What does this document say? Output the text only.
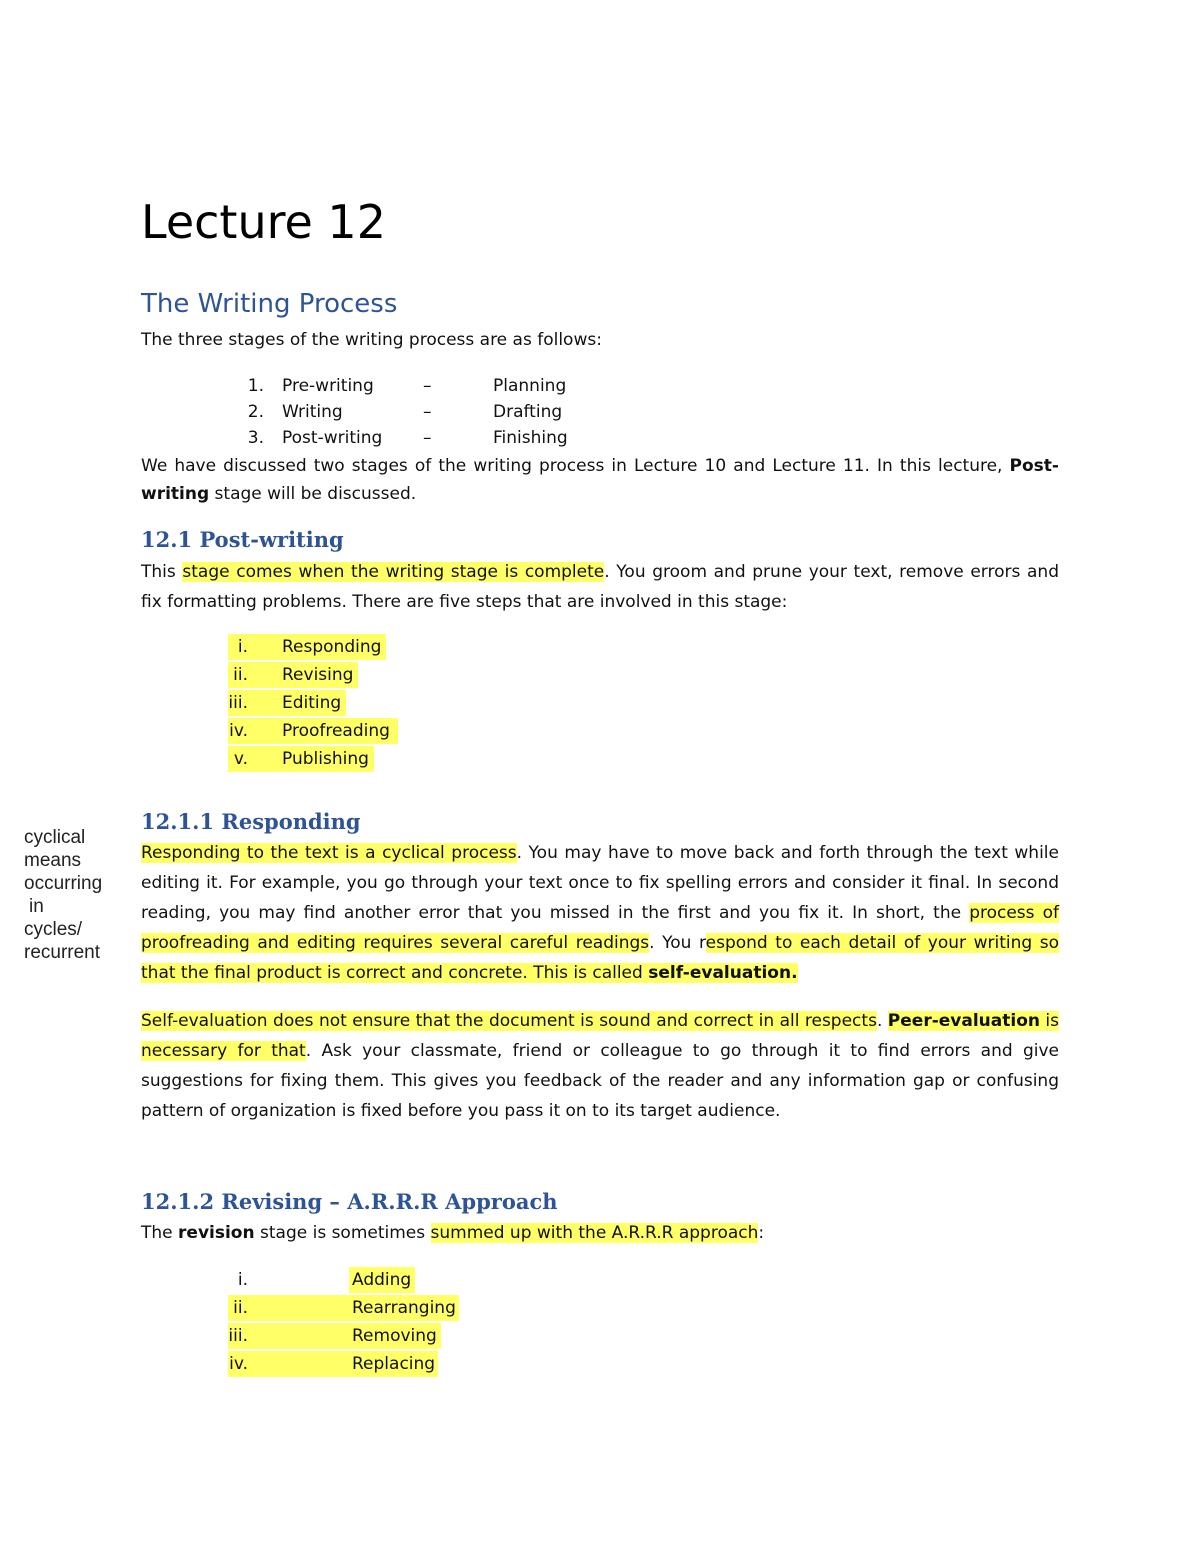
Lecture 12
The Writing Process
The three stages of the writing process are as follows:
1. Pre-writing	–	Planning
2. Writing	–	Drafting
3. Post-writing –	Finishing
We have discussed two stages of the writing process in Lecture 10 and Lecture 11. In this lecture, Post-writing stage will be discussed.
12.1 Post-writing
This stage comes when the writing stage is complete. You groom and prune your text, remove errors and fix formatting problems. There are five steps that are involved in this stage:
i. Responding
ii. Revising
iii. Editing
iv. Proofreading
v. Publishing
cyclical
means
occurring
in
cycles/
recurrent
12.1.1 Responding
Responding to the text is a cyclical process. You may have to move back and forth through the text while editing it. For example, you go through your text once to fix spelling errors and consider it final. In second reading, you may find another error that you missed in the first and you fix it. In short, the process of proofreading and editing requires several careful readings. You respond to each detail of your writing so that the final product is correct and concrete. This is called self-evaluation.
Self-evaluation does not ensure that the document is sound and correct in all respects. Peer-evaluation is necessary for that. Ask your classmate, friend or colleague to go through it to find errors and give suggestions for fixing them. This gives you feedback of the reader and any information gap or confusing pattern of organization is fixed before you pass it on to its target audience.
12.1.2 Revising – A.R.R.R Approach
The revision stage is sometimes summed up with the A.R.R.R approach:
i.	Adding
ii.	Rearranging
iii.	Removing
iv.	Replacing
